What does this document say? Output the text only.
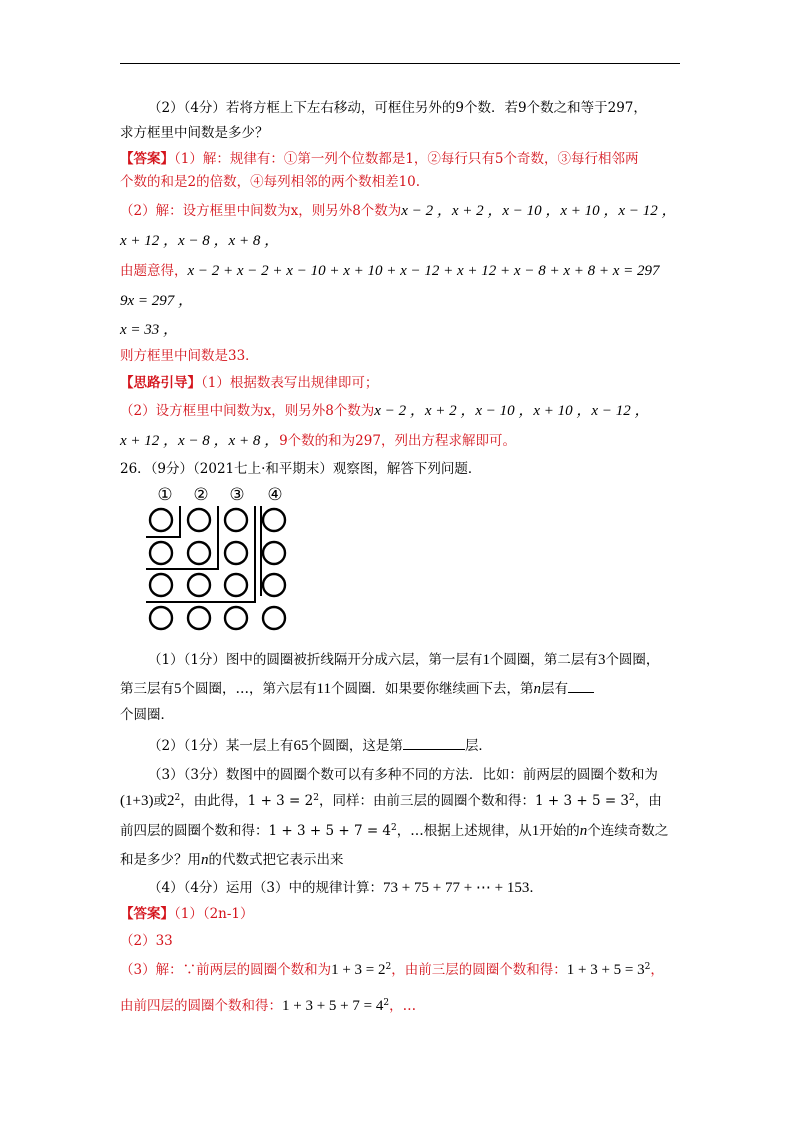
（2）（4分）若将方框上下左右移动，可框住另外的9个数．若9个数之和等于297，
求方框里中间数是多少？
【答案】（1）解：规律有：①第一列个位数都是1，②每行只有5个奇数，③每行相邻两
个数的和是2的倍数，④每列相邻的两个数相差10.
（2）解：设方框里中间数为x，则另外8个数为x − 2 ，x + 2 ，x − 10 ，x + 10 ，x − 12 ，
x + 12 ，x − 8 ，x + 8 ，
由题意得，x − 2 + x − 2 + x − 10 + x + 10 + x − 12 + x + 12 + x − 8 + x + 8 + x = 297
9x = 297 ，
x = 33 ，
则方框里中间数是33．
【思路引导】（1）根据数表写出规律即可；
（2）设方框里中间数为x，则另外8个数为x − 2 ，x + 2 ，x − 10 ，x + 10 ，x − 12 ，
x + 12 ，x − 8 ，x + 8 ，9个数的和为297，列出方程求解即可。
26．（9分）（2021七上·和平期末）观察图，解答下列问题．
① ② ③ ④
（1）（1分）图中的圆圈被折线隔开分成六层，第一层有1个圆圈，第二层有3个圆圈，
第三层有5个圆圈，…，第六层有11个圆圈．如果要你继续画下去，第n层有
个圆圈．
（2）（1分）某一层上有65个圆圈，这是第	层．
（3）（3分）数图中的圆圈个数可以有多种不同的方法．比如：前两层的圆圈个数和为
(1+3)或$2^2$，由此得，$1 + 3 = 2^2$，同样：由前三层的圆圈个数和得：$1 + 3 + 5 = 3^2$，由
前四层的圆圈个数和得：$1 + 3 + 5 + 7 = 4^2$，…根据上述规律，从1开始的n个连续奇数之
和是多少？用n的代数式把它表示出来
（4）（4分）运用（3）中的规律计算：73 + 75 + 77 + ⋯ + 153．
【答案】（1）（2n-1）
（2）33
（3）解：∵前两层的圆圈个数和为$1 + 3 = 2^2$，由前三层的圆圈个数和得：$1 + 3 + 5 = 3^2$，
由前四层的圆圈个数和得：$1 + 3 + 5 + 7 = 4^2$，…
